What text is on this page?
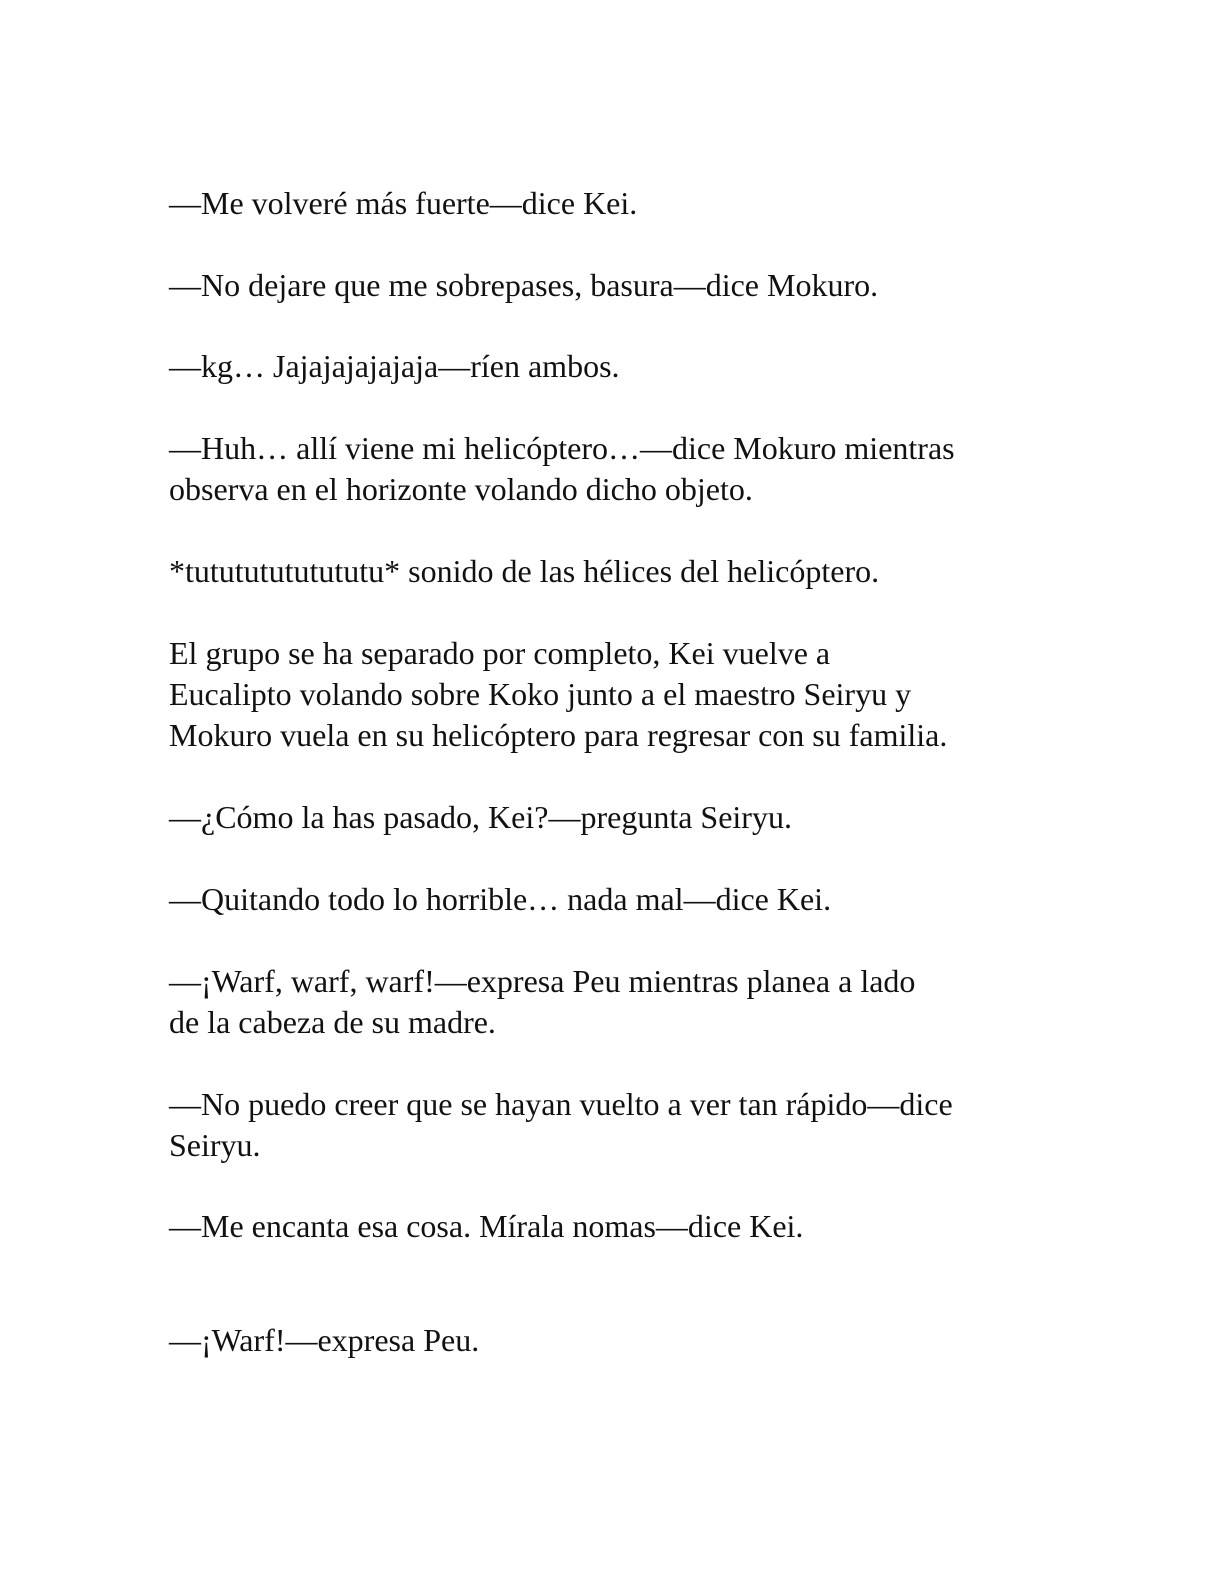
—Me volveré más fuerte—dice Kei.

—No dejare que me sobrepases, basura—dice Mokuro.

—kg… Jajajajajajaja—ríen ambos.

—Huh… allí viene mi helicóptero…—dice Mokuro mientras
observa en el horizonte volando dicho objeto.

*tutututututututu* sonido de las hélices del helicóptero.

El grupo se ha separado por completo, Kei vuelve a
Eucalipto volando sobre Koko junto a el maestro Seiryu y
Mokuro vuela en su helicóptero para regresar con su familia.

—¿Cómo la has pasado, Kei?—pregunta Seiryu.

—Quitando todo lo horrible… nada mal—dice Kei.

—¡Warf, warf, warf!—expresa Peu mientras planea a lado
de la cabeza de su madre.

—No puedo creer que se hayan vuelto a ver tan rápido—dice
Seiryu.

—Me encanta esa cosa. Mírala nomas—dice Kei.

—¡Warf!—expresa Peu.
